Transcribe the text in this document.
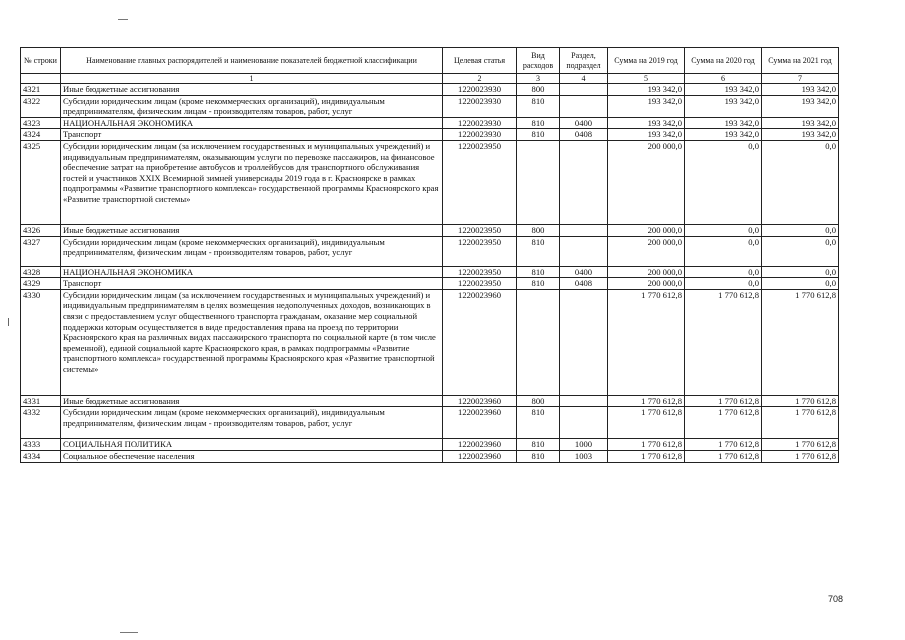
№ строки	Наименование главных распорядителей и наименование показателей бюджетной классификации	Целевая статья	Вид расходов	Раздел, подраздел	Сумма на 2019 год	Сумма на 2020 год	Сумма на 2021 год
	1	2	3	4	5	6	7
4321	Иные бюджетные ассигнования	1220023930	800		193 342,0	193 342,0	193 342,0
4322	Субсидии юридическим лицам (кроме некоммерческих организаций), индивидуальным предпринимателям, физическим лицам - производителям товаров, работ, услуг	1220023930	810		193 342,0	193 342,0	193 342,0
4323	НАЦИОНАЛЬНАЯ ЭКОНОМИКА	1220023930	810	0400	193 342,0	193 342,0	193 342,0
4324	Транспорт	1220023930	810	0408	193 342,0	193 342,0	193 342,0
4325	Субсидии юридическим лицам (за исключением государственных и муниципальных учреждений) и индивидуальным предпринимателям, оказывающим услуги по перевозке пассажиров, на финансовое обеспечение затрат на приобретение автобусов и троллейбусов для транспортного обслуживания гостей и участников XXIX Всемирной зимней универсиады 2019 года в г. Красноярске в рамках подпрограммы «Развитие транспортного комплекса» государственной программы Красноярского края «Развитие транспортной системы»	1220023950			200 000,0	0,0	0,0
4326	Иные бюджетные ассигнования	1220023950	800		200 000,0	0,0	0,0
4327	Субсидии юридическим лицам (кроме некоммерческих организаций), индивидуальным предпринимателям, физическим лицам - производителям товаров, работ, услуг	1220023950	810		200 000,0	0,0	0,0
4328	НАЦИОНАЛЬНАЯ ЭКОНОМИКА	1220023950	810	0400	200 000,0	0,0	0,0
4329	Транспорт	1220023950	810	0408	200 000,0	0,0	0,0
4330	Субсидии юридическим лицам (за исключением государственных и муниципальных учреждений) и индивидуальным предпринимателям в целях возмещения недополученных доходов, возникающих в связи с предоставлением услуг общественного транспорта гражданам, оказание мер социальной поддержки которым осуществляется в виде предоставления права на проезд по территории Красноярского края на различных видах пассажирского транспорта по социальной карте (в том числе временной), единой социальной карте Красноярского края, в рамках подпрограммы «Развитие транспортного комплекса» государственной программы Красноярского края «Развитие транспортной системы»	1220023960			1 770 612,8	1 770 612,8	1 770 612,8
4331	Иные бюджетные ассигнования	1220023960	800		1 770 612,8	1 770 612,8	1 770 612,8
4332	Субсидии юридическим лицам (кроме некоммерческих организаций), индивидуальным предпринимателям, физическим лицам - производителям товаров, работ, услуг	1220023960	810		1 770 612,8	1 770 612,8	1 770 612,8
4333	СОЦИАЛЬНАЯ ПОЛИТИКА	1220023960	810	1000	1 770 612,8	1 770 612,8	1 770 612,8
4334	Социальное обеспечение населения	1220023960	810	1003	1 770 612,8	1 770 612,8	1 770 612,8
708
